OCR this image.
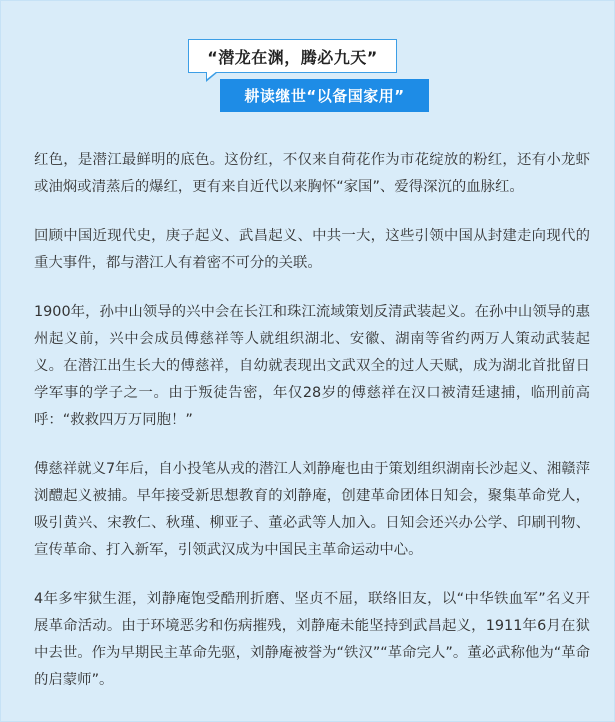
“潜龙在渊，腾必九天”
耕读继世“以备国家用”

红色，是潜江最鲜明的底色。这份红，不仅来自荷花作为市花绽放的粉红，还有小龙虾或油焖或清蒸后的爆红，更有来自近代以来胸怀“家国”、爱得深沉的血脉红。

回顾中国近现代史，庚子起义、武昌起义、中共一大，这些引领中国从封建走向现代的重大事件，都与潜江人有着密不可分的关联。

1900年，孙中山领导的兴中会在长江和珠江流域策划反清武装起义。在孙中山领导的惠州起义前，兴中会成员傅慈祥等人就组织湖北、安徽、湖南等省约两万人策动武装起义。在潜江出生长大的傅慈祥，自幼就表现出文武双全的过人天赋，成为湖北首批留日学军事的学子之一。由于叛徒告密，年仅28岁的傅慈祥在汉口被清廷逮捕，临刑前高呼：“救救四万万同胞！”

傅慈祥就义7年后，自小投笔从戎的潜江人刘静庵也由于策划组织湖南长沙起义、湘赣萍浏醴起义被捕。早年接受新思想教育的刘静庵，创建革命团体日知会，聚集革命党人，吸引黄兴、宋教仁、秋瑾、柳亚子、董必武等人加入。日知会还兴办公学、印刷刊物、宣传革命、打入新军，引领武汉成为中国民主革命运动中心。

4年多牢狱生涯，刘静庵饱受酷刑折磨、坚贞不屈，联络旧友，以“中华铁血军”名义开展革命活动。由于环境恶劣和伤病摧残，刘静庵未能坚持到武昌起义，1911年6月在狱中去世。作为早期民主革命先驱，刘静庵被誉为“铁汉”“革命完人”。董必武称他为“革命的启蒙师”。
